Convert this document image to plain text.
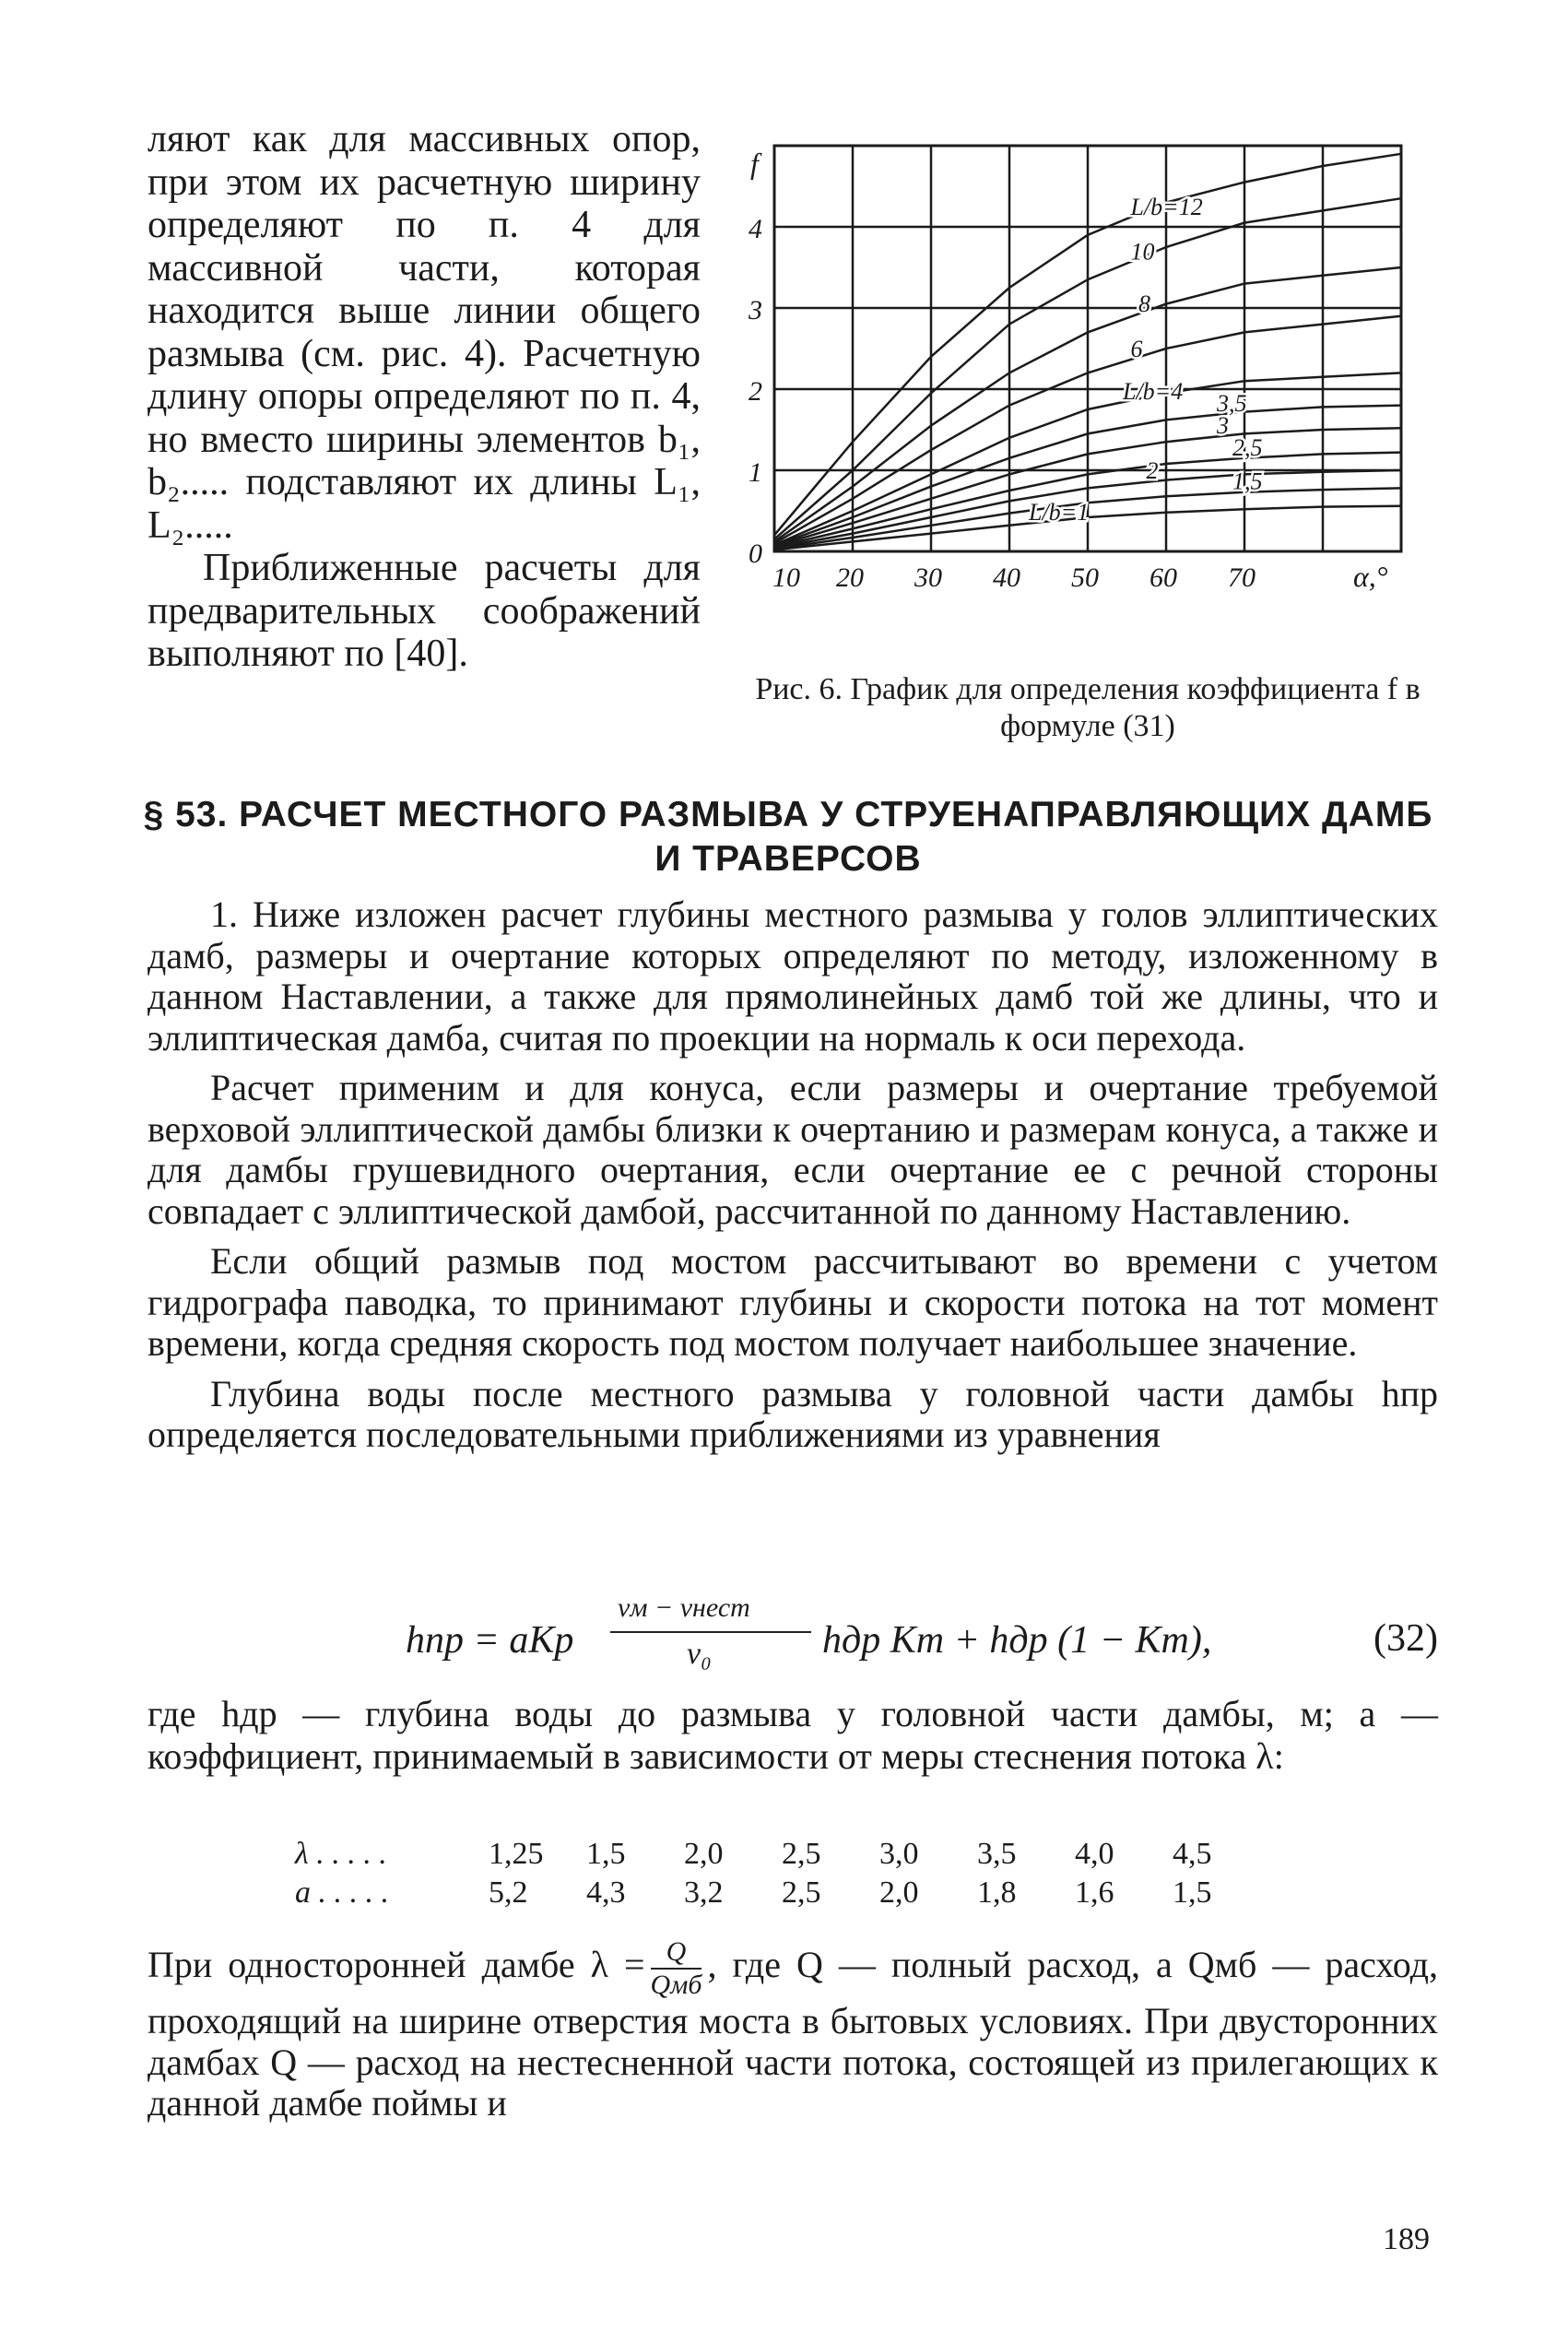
ляют как для массивных опор, при этом их расчетную ширину определяют по п. 4 для массивной части, которая находится выше линии общего размыва (см. рис. 4). Расчетную длину опоры определяют по п. 4, но вместо ширины элементов b₁, b₂..... подставляют их длины L₁, L₂.....

Приближенные расчеты для предварительных соображений выполняют по [40].

10 20 30 40 50 60 70	α,°
0
1
2
3
4
f
L/b=12
10
8
6
L/b=4 3,5
3
2,5
2	1,5
L/b=1
Рис. 6. График для определения коэффициента f в формуле (31)
§ 53. РАСЧЕТ МЕСТНОГО РАЗМЫВА У СТРУЕНАПРАВЛЯЮЩИХ ДАМБ И ТРАВЕРСОВ

1. Ниже изложен расчет глубины местного размыва у голов эллиптических дамб, размеры и очертание которых определяют по методу, изложенному в данном Наставлении, а также для прямолинейных дамб той же длины, что и эллиптическая дамба, считая по проекции на нормаль к оси перехода.

Расчет применим и для конуса, если размеры и очертание требуемой верховой эллиптической дамбы близки к очертанию и размерам конуса, а также и для дамбы грушевидного очертания, если очертание ее с речной стороны совпадает с эллиптической дамбой, рассчитанной по данному Наставлению.

Если общий размыв под мостом рассчитывают во времени с учетом гидрографа паводка, то принимают глубины и скорости потока на тот момент времени, когда средняя скорость под мостом получает наибольшее значение.

Глубина воды после местного размыва у головной части дамбы hпр определяется последовательными приближениями из уравнения

hпр = aKр
vм − vнест
v₀	hдр Kт + hдр (1 − Kт),	(32)

где hдр — глубина воды до размыва у головной части дамбы, м; a — коэффициент, принимаемый в зависимости от меры стеснения потока λ:

λ . . . . .	1,25	1,5	2,0	2,5	3,0	3,5	4,0	4,5
a . . . . .	5,2	4,3	3,2	2,5	2,0	1,8	1,6	1,5

При односторонней дамбе λ = Q
Qмб , где Q — полный расход, а Qмб — расход, проходящий на ширине отверстия моста в бытовых условиях. При двусторонних дамбах Q — расход на нестесненной части потока, состоящей из прилегающих к данной дамбе поймы и

189
